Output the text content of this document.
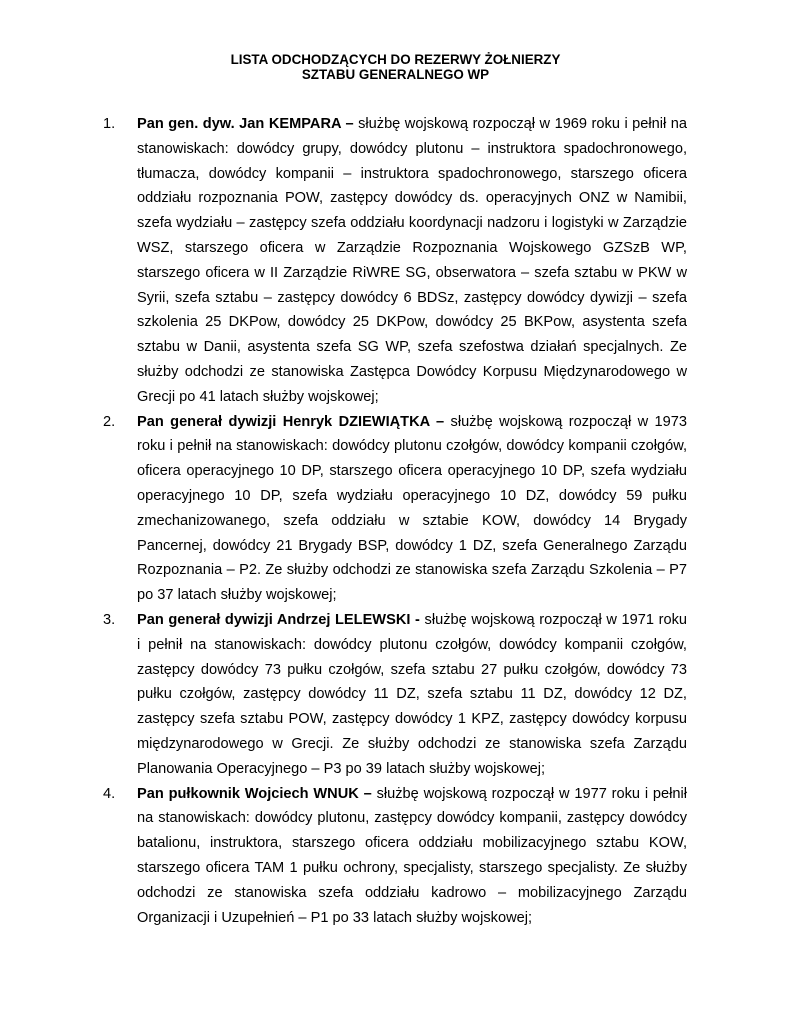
LISTA ODCHODZĄCYCH DO REZERWY ŻOŁNIERZY
SZTABU GENERALNEGO WP
1. Pan gen. dyw. Jan KEMPARA – służbę wojskową rozpoczął w 1969 roku i pełnił na stanowiskach: dowódcy grupy, dowódcy plutonu – instruktora spadochronowego, tłumacza, dowódcy kompanii – instruktora spadochronowego, starszego oficera oddziału rozpoznania POW, zastępcy dowódcy ds. operacyjnych ONZ w Namibii, szefa wydziału – zastępcy szefa oddziału koordynacji nadzoru i logistyki w Zarządzie WSZ, starszego oficera w Zarządzie Rozpoznania Wojskowego GZSzB WP, starszego oficera w II Zarządzie RiWRE SG, obserwatora – szefa sztabu w PKW w Syrii, szefa sztabu – zastępcy dowódcy 6 BDSz, zastępcy dowódcy dywizji – szefa szkolenia 25 DKPow, dowódcy 25 DKPow, dowódcy 25 BKPow, asystenta szefa sztabu w Danii, asystenta szefa SG WP, szefa szefostwa działań specjalnych. Ze służby odchodzi ze stanowiska Zastępca Dowódcy Korpusu Międzynarodowego w Grecji po 41 latach służby wojskowej;
2. Pan generał dywizji Henryk DZIEWIĄTKA – służbę wojskową rozpoczął w 1973 roku i pełnił na stanowiskach: dowódcy plutonu czołgów, dowódcy kompanii czołgów, oficera operacyjnego 10 DP, starszego oficera operacyjnego 10 DP, szefa wydziału operacyjnego 10 DP, szefa wydziału operacyjnego 10 DZ, dowódcy 59 pułku zmechanizowanego, szefa oddziału w sztabie KOW, dowódcy 14 Brygady Pancernej, dowódcy 21 Brygady BSP, dowódcy 1 DZ, szefa Generalnego Zarządu Rozpoznania – P2. Ze służby odchodzi ze stanowiska szefa Zarządu Szkolenia – P7 po 37 latach służby wojskowej;
3. Pan generał dywizji Andrzej LELEWSKI - służbę wojskową rozpoczął w 1971 roku i pełnił na stanowiskach: dowódcy plutonu czołgów, dowódcy kompanii czołgów, zastępcy dowódcy 73 pułku czołgów, szefa sztabu 27 pułku czołgów, dowódcy 73 pułku czołgów, zastępcy dowódcy 11 DZ, szefa sztabu 11 DZ, dowódcy 12 DZ, zastępcy szefa sztabu POW, zastępcy dowódcy 1 KPZ, zastępcy dowódcy korpusu międzynarodowego w Grecji. Ze służby odchodzi ze stanowiska szefa Zarządu Planowania Operacyjnego – P3 po 39 latach służby wojskowej;
4. Pan pułkownik Wojciech WNUK – służbę wojskową rozpoczął w 1977 roku i pełnił na stanowiskach: dowódcy plutonu, zastępcy dowódcy kompanii, zastępcy dowódcy batalionu, instruktora, starszego oficera oddziału mobilizacyjnego sztabu KOW, starszego oficera TAM 1 pułku ochrony, specjalisty, starszego specjalisty. Ze służby odchodzi ze stanowiska szefa oddziału kadrowo – mobilizacyjnego Zarządu Organizacji i Uzupełnień – P1 po 33 latach służby wojskowej;
